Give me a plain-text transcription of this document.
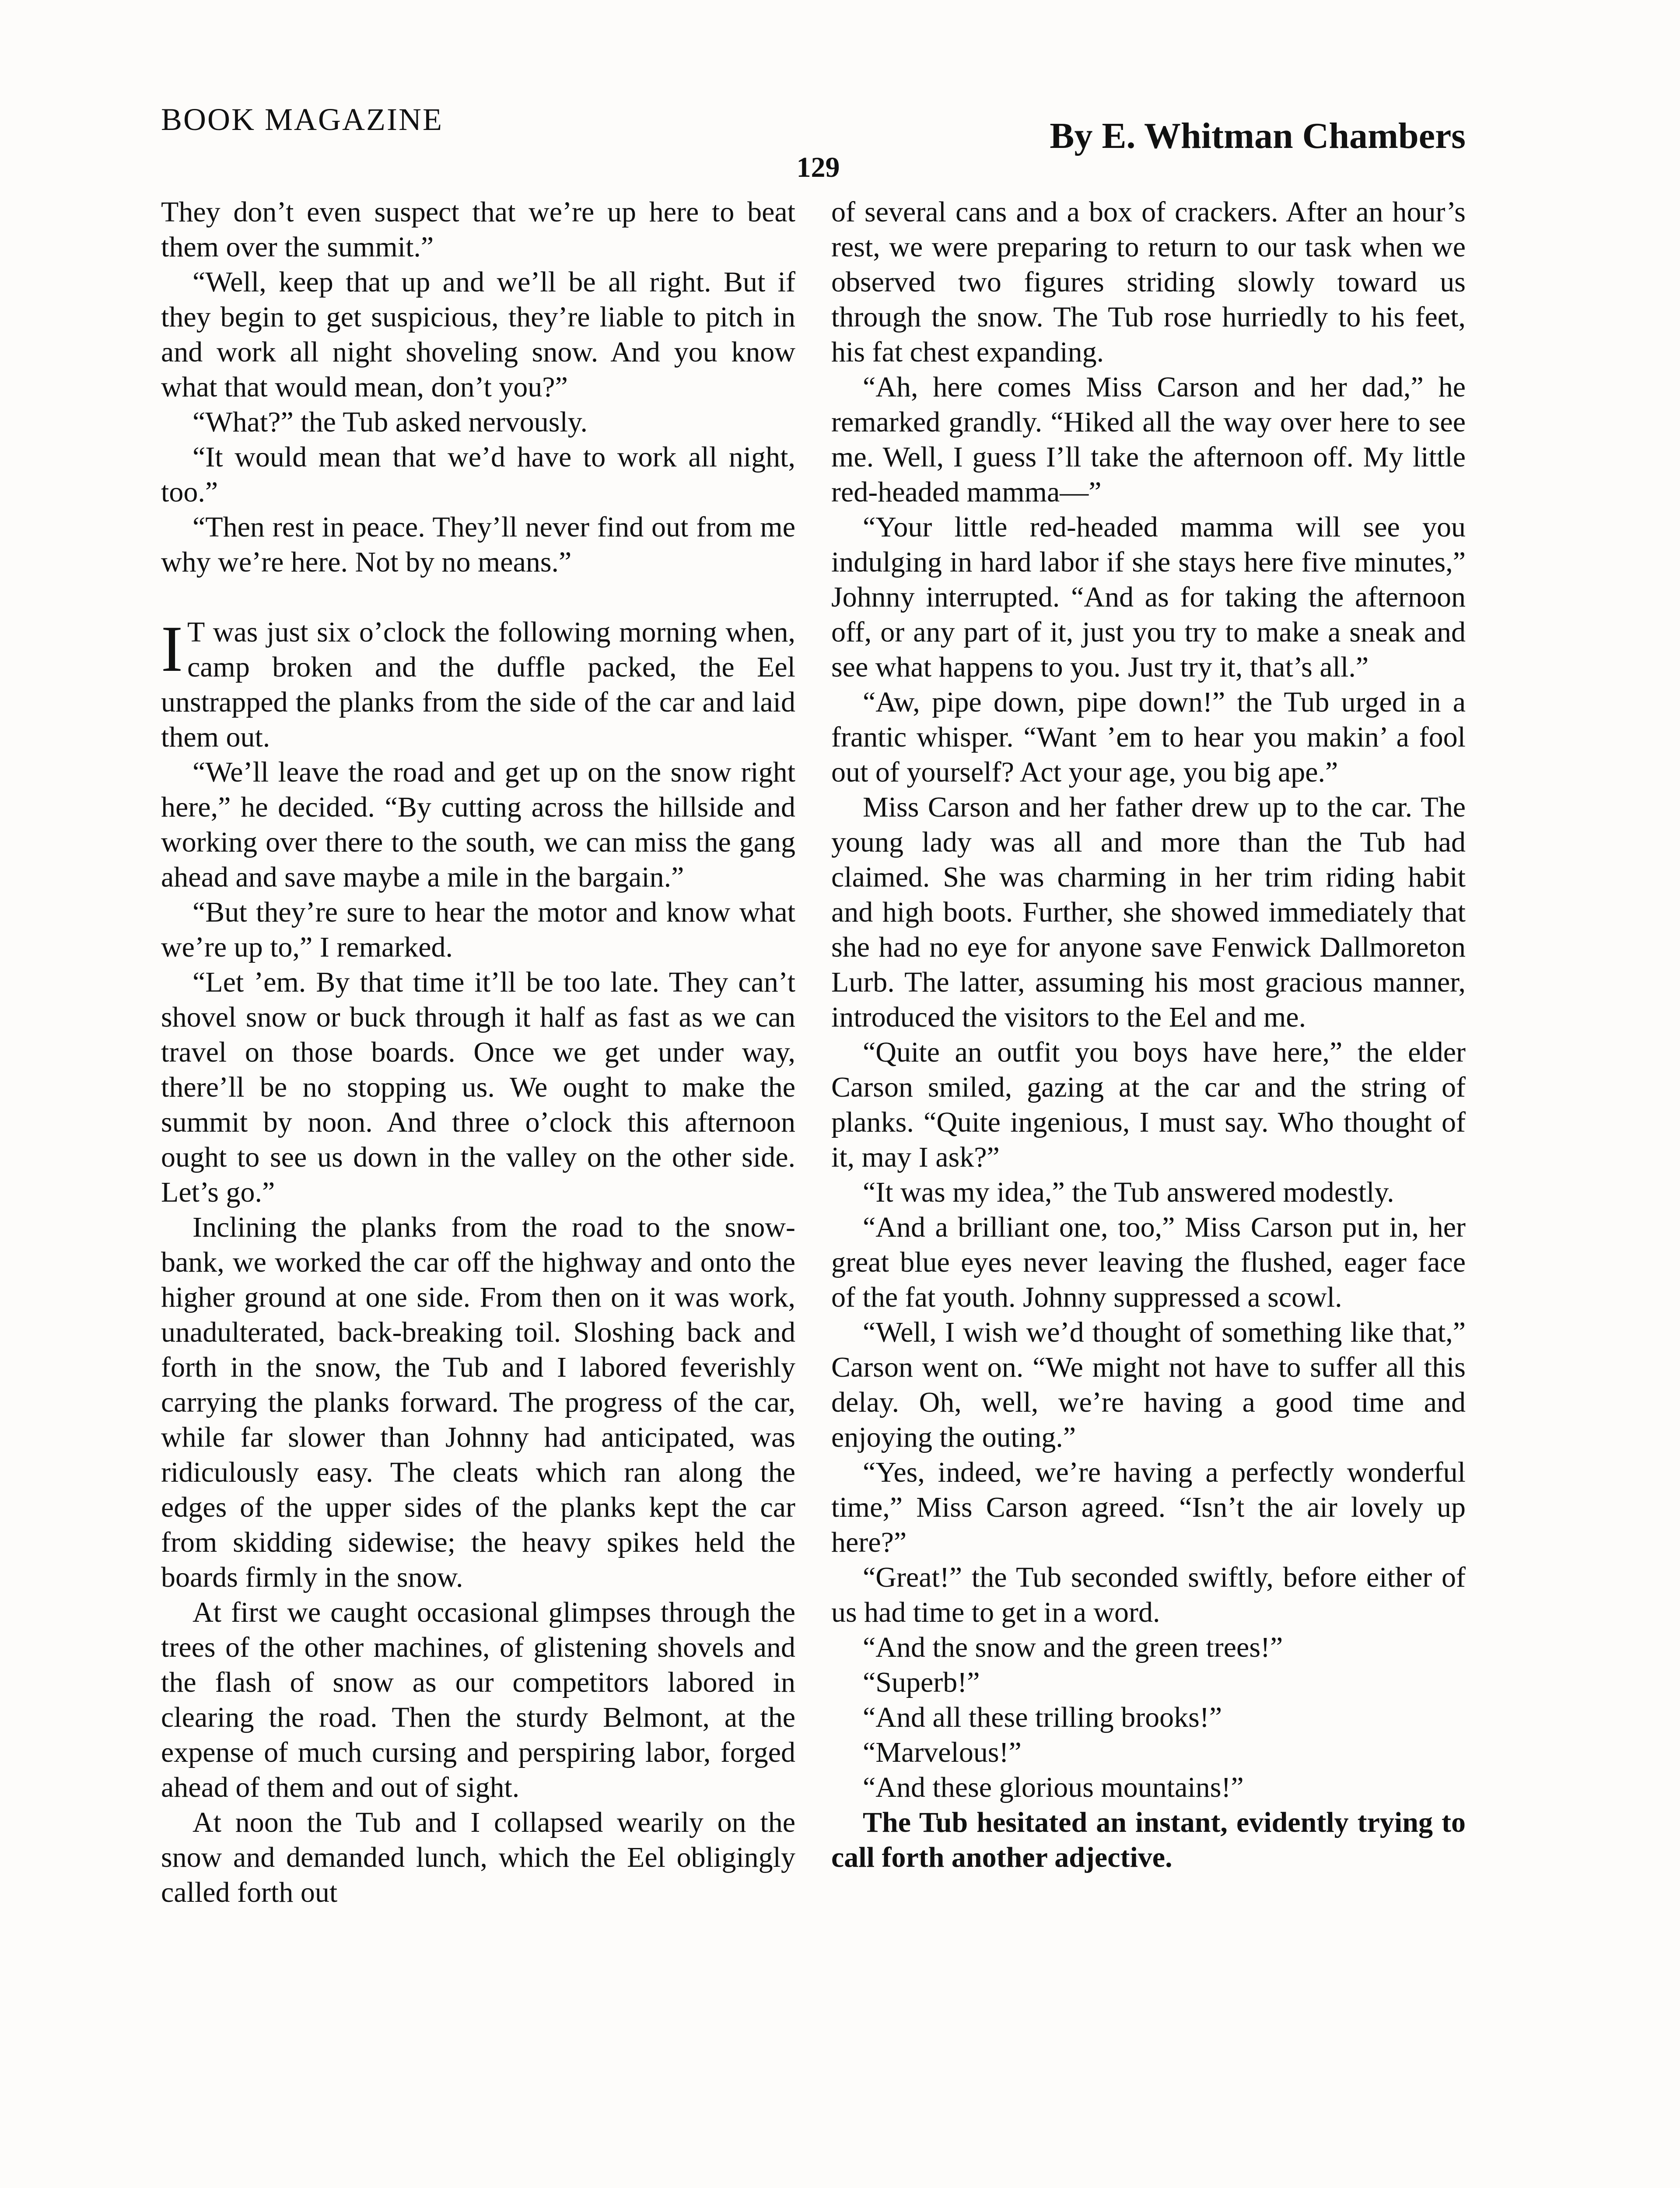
BOOK MAGAZINE	By E. Whitman Chambers
129

They don’t even suspect that we’re up here to beat them over the summit.”

“Well, keep that up and we’ll be all right. But if they begin to get suspicious, they’re liable to pitch in and work all night shoveling snow. And you know what that would mean, don’t you?”

“What?” the Tub asked nervously.

“It would mean that we’d have to work all night, too.”

“Then rest in peace. They’ll never find out from me why we’re here. Not by no means.”

I T was just six o’clock the following morning when, camp broken and the duffle packed, the Eel unstrapped the planks from the side of the car and laid them out.

“We’ll leave the road and get up on the snow right here,” he decided. “By cutting across the hillside and working over there to the south, we can miss the gang ahead and save maybe a mile in the bargain.”

“But they’re sure to hear the motor and know what we’re up to,” I remarked.

“Let ’em. By that time it’ll be too late. They can’t shovel snow or buck through it half as fast as we can travel on those boards. Once we get under way, there’ll be no stopping us. We ought to make the summit by noon. And three o’clock this afternoon ought to see us down in the valley on the other side. Let’s go.”

Inclining the planks from the road to the snow-bank, we worked the car off the highway and onto the higher ground at one side. From then on it was work, unadulterated, back-breaking toil. Sloshing back and forth in the snow, the Tub and I labored feverishly carrying the planks forward. The progress of the car, while far slower than Johnny had anticipated, was ridiculously easy. The cleats which ran along the edges of the upper sides of the planks kept the car from skidding sidewise; the heavy spikes held the boards firmly in the snow.

At first we caught occasional glimpses through the trees of the other machines, of glistening shovels and the flash of snow as our competitors labored in clearing the road. Then the sturdy Belmont, at the expense of much cursing and perspiring labor, forged ahead of them and out of sight.

At noon the Tub and I collapsed wearily on the snow and demanded lunch, which the Eel obligingly called forth out

of several cans and a box of crackers. After an hour’s rest, we were preparing to return to our task when we observed two figures striding slowly toward us through the snow. The Tub rose hurriedly to his feet, his fat chest expanding.

“Ah, here comes Miss Carson and her dad,” he remarked grandly. “Hiked all the way over here to see me. Well, I guess I’ll take the afternoon off. My little red-headed mamma—”

“Your little red-headed mamma will see you indulging in hard labor if she stays here five minutes,” Johnny interrupted. “And as for taking the afternoon off, or any part of it, just you try to make a sneak and see what happens to you. Just try it, that’s all.”

“Aw, pipe down, pipe down!” the Tub urged in a frantic whisper. “Want ’em to hear you makin’ a fool out of yourself? Act your age, you big ape.”

Miss Carson and her father drew up to the car. The young lady was all and more than the Tub had claimed. She was charming in her trim riding habit and high boots. Further, she showed immediately that she had no eye for anyone save Fenwick Dallmoreton Lurb. The latter, assuming his most gracious manner, introduced the visitors to the Eel and me.

“Quite an outfit you boys have here,” the elder Carson smiled, gazing at the car and the string of planks. “Quite ingenious, I must say. Who thought of it, may I ask?”

“It was my idea,” the Tub answered modestly.

“And a brilliant one, too,” Miss Carson put in, her great blue eyes never leaving the flushed, eager face of the fat youth. Johnny suppressed a scowl.

“Well, I wish we’d thought of something like that,” Carson went on. “We might not have to suffer all this delay. Oh, well, we’re having a good time and enjoying the outing.”

“Yes, indeed, we’re having a perfectly wonderful time,” Miss Carson agreed. “Isn’t the air lovely up here?”

“Great!” the Tub seconded swiftly, before either of us had time to get in a word.

“And the snow and the green trees!”

“Superb!”

“And all these trilling brooks!”

“Marvelous!”

“And these glorious mountains!”

The Tub hesitated an instant, evidently trying to call forth another adjective.
